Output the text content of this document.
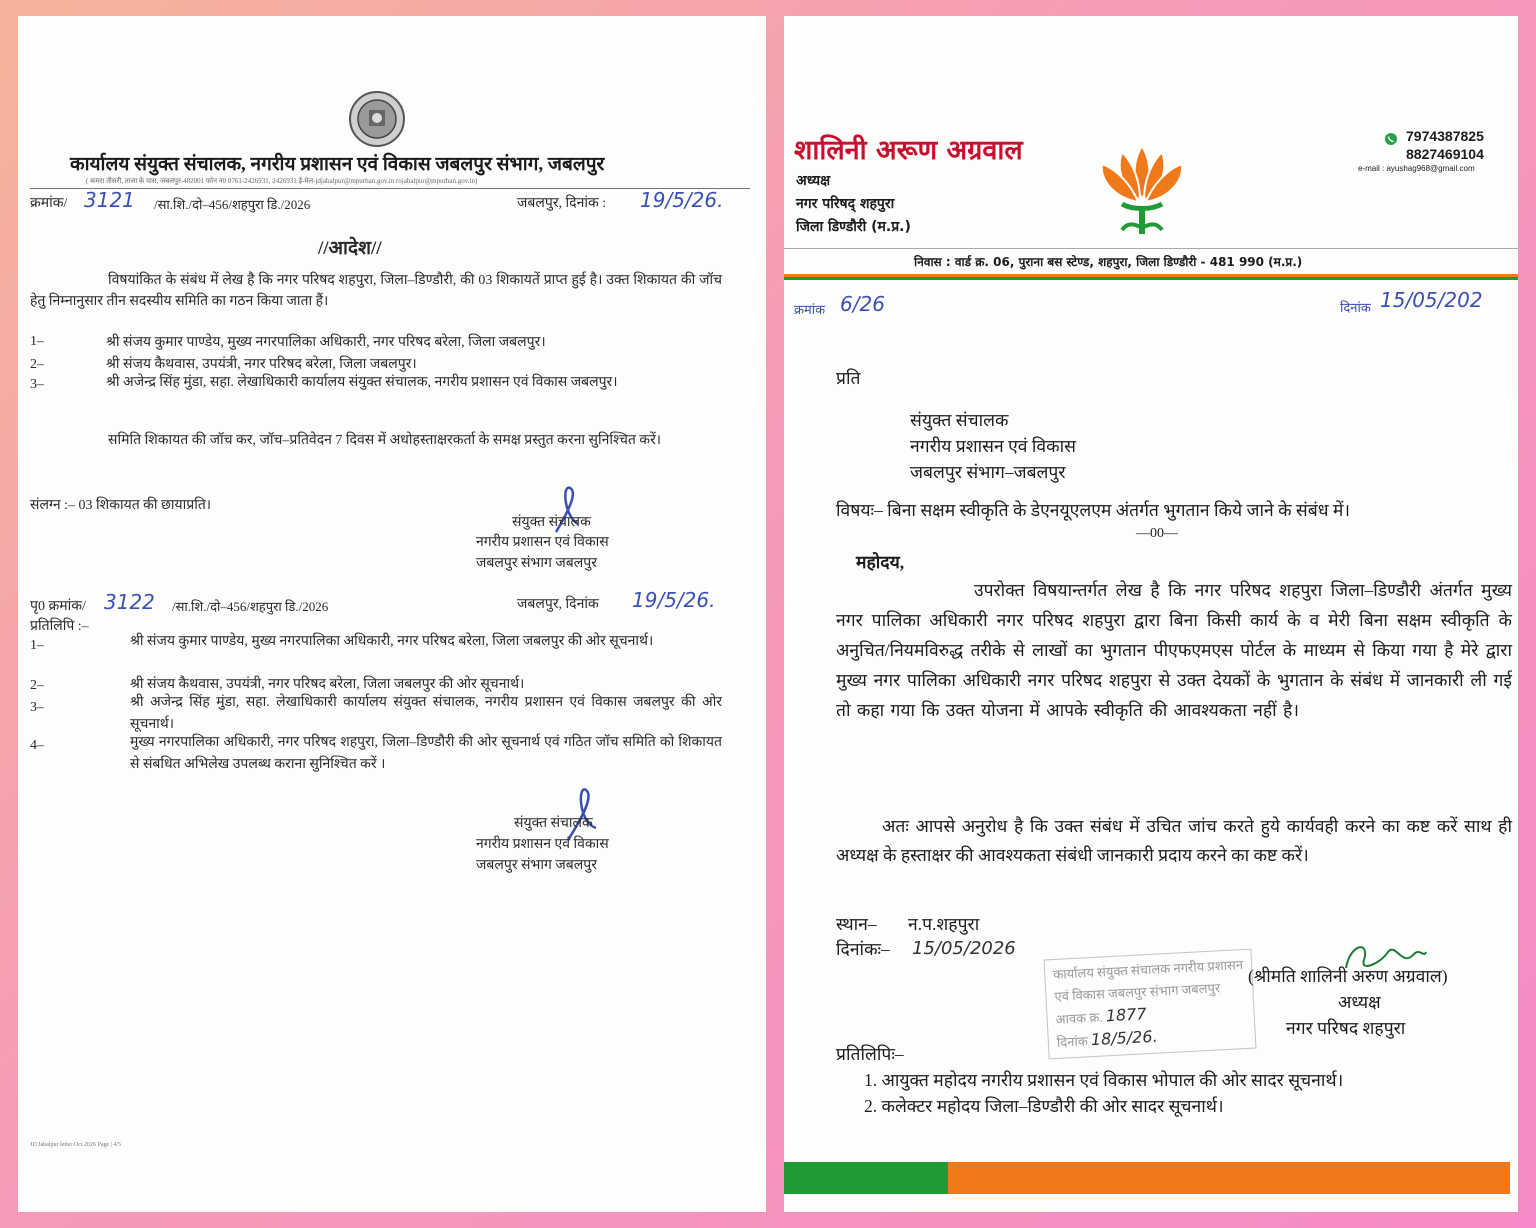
कार्यालय संयुक्त संचालक, नगरीय प्रशासन एवं विकास जबलपुर संभाग, जबलपुर
( कमरा तीसरी, ताला के पास, जबलपुर-482001 फोन न0 0761-2426931, 2426931 ई-मेल-jdjabalpur@mpurban.gov.in rojabalpur@mpurban.gov.in)
क्रमांक/ 3121 /सा.शि./दो–456/शहपुरा डि./2026	जबलपुर, दिनांक : 19/5/26.
//आदेश//
विषयांकित के संबंध में लेख है कि नगर परिषद शहपुरा, जिला–डिण्डौरी, की 03 शिकायतें प्राप्त हुई है। उक्त शिकायत की जॉच हेतु निम्नानुसार तीन सदस्यीय समिति का गठन किया जाता हैं।
1–	श्री संजय कुमार पाण्डेय, मुख्य नगरपालिका अधिकारी, नगर परिषद बरेला, जिला जबलपुर।
2–	श्री संजय कैथवास, उपयंत्री, नगर परिषद बरेला, जिला जबलपुर।
3–	श्री अजेन्द्र सिंह मुंडा, सहा. लेखाधिकारी कार्यालय संयुक्त संचालक, नगरीय प्रशासन एवं विकास जबलपुर।
समिति शिकायत की जॉच कर, जॉच–प्रतिवेदन 7 दिवस में अधोहस्ताक्षरकर्ता के समक्ष प्रस्तुत करना सुनिश्चित करें।
संलग्न :– 03 शिकायत की छायाप्रति।
संयुक्त संचालक
नगरीय प्रशासन एवं विकास
जबलपुर संभाग जबलपुर
पृ0 क्रमांक/ 3122 /सा.शि./दो–456/शहपुरा डि./2026	जबलपुर, दिनांक 19/5/26.
प्रतिलिपि :–
1–	श्री संजय कुमार पाण्डेय, मुख्य नगरपालिका अधिकारी, नगर परिषद बरेला, जिला जबलपुर की ओर सूचनार्थ।
2–	श्री संजय कैथवास, उपयंत्री, नगर परिषद बरेला, जिला जबलपुर की ओर सूचनार्थ।
3–	श्री अजेन्द्र सिंह मुंडा, सहा. लेखाधिकारी कार्यालय संयुक्त संचालक, नगरीय प्रशासन एवं विकास जबलपुर की ओर सूचनार्थ।
4–	मुख्य नगरपालिका अधिकारी, नगर परिषद शहपुरा, जिला–डिण्डौरी की ओर सूचनार्थ एवं गठित जॉच समिति को शिकायत से संबधित अभिलेख उपलब्ध कराना सुनिश्चित करें ।
संयुक्त संचालक
नगरीय प्रशासन एवं विकास
जबलपुर संभाग जबलपुर
JD Jabalpur letter Oct 2026 Page | 4/5
शालिनी अरूण अग्रवाल
अध्यक्ष
नगर परिषद् शहपुरा
जिला डिण्डौरी (म.प्र.)
7974387825
8827469104
e-mail : ayushag968@gmail.com
निवास : वार्ड क्र. 06, पुराना बस स्टेण्ड, शहपुरा, जिला डिण्डौरी - 481 990 (म.प्र.)
क्रमांक 6/26	दिनांक 15/05/202
प्रति
संयुक्त संचालक
नगरीय प्रशासन एवं विकास
जबलपुर संभाग–जबलपुर
विषयः– बिना सक्षम स्वीकृति के डेएनयूएलएम अंतर्गत भुगतान किये जाने के संबंध में।
—00—
महोदय,
उपरोक्त विषयान्तर्गत लेख है कि नगर परिषद शहपुरा जिला–डिण्डौरी अंतर्गत मुख्य नगर पालिका अधिकारी नगर परिषद शहपुरा द्वारा बिना किसी कार्य के व मेरी बिना सक्षम स्वीकृति के अनुचित/नियमविरुद्ध तरीके से लाखों का भुगतान पीएफएमएस पोर्टल के माध्यम से किया गया है मेरे द्वारा मुख्य नगर पालिका अधिकारी नगर परिषद शहपुरा से उक्त देयकों के भुगतान के संबंध में जानकारी ली गई तो कहा गया कि उक्त योजना में आपके स्वीकृति की आवश्यकता नहीं है।
अतः आपसे अनुरोध है कि उक्त संबंध में उचित जांच करते हुये कार्यवही करने का कष्ट करें साथ ही अध्यक्ष के हस्ताक्षर की आवश्यकता संबंधी जानकारी प्रदाय करने का कष्ट करें।
स्थान– न.प.शहपुरा
दिनांकः– 15/05/2026
कार्यालय संयुक्त संचालक नगरीय प्रशासन
एवं विकास जबलपुर संभाग जबलपुर
आवक क्र. 1877
दिनांक 18/5/26.
(श्रीमति शालिनी अरुण अग्रवाल)
अध्यक्ष
नगर परिषद शहपुरा
प्रतिलिपिः–
1. आयुक्त महोदय नगरीय प्रशासन एवं विकास भोपाल की ओर सादर सूचनार्थ।
2. कलेक्टर महोदय जिला–डिण्डौरी की ओर सादर सूचनार्थ।
